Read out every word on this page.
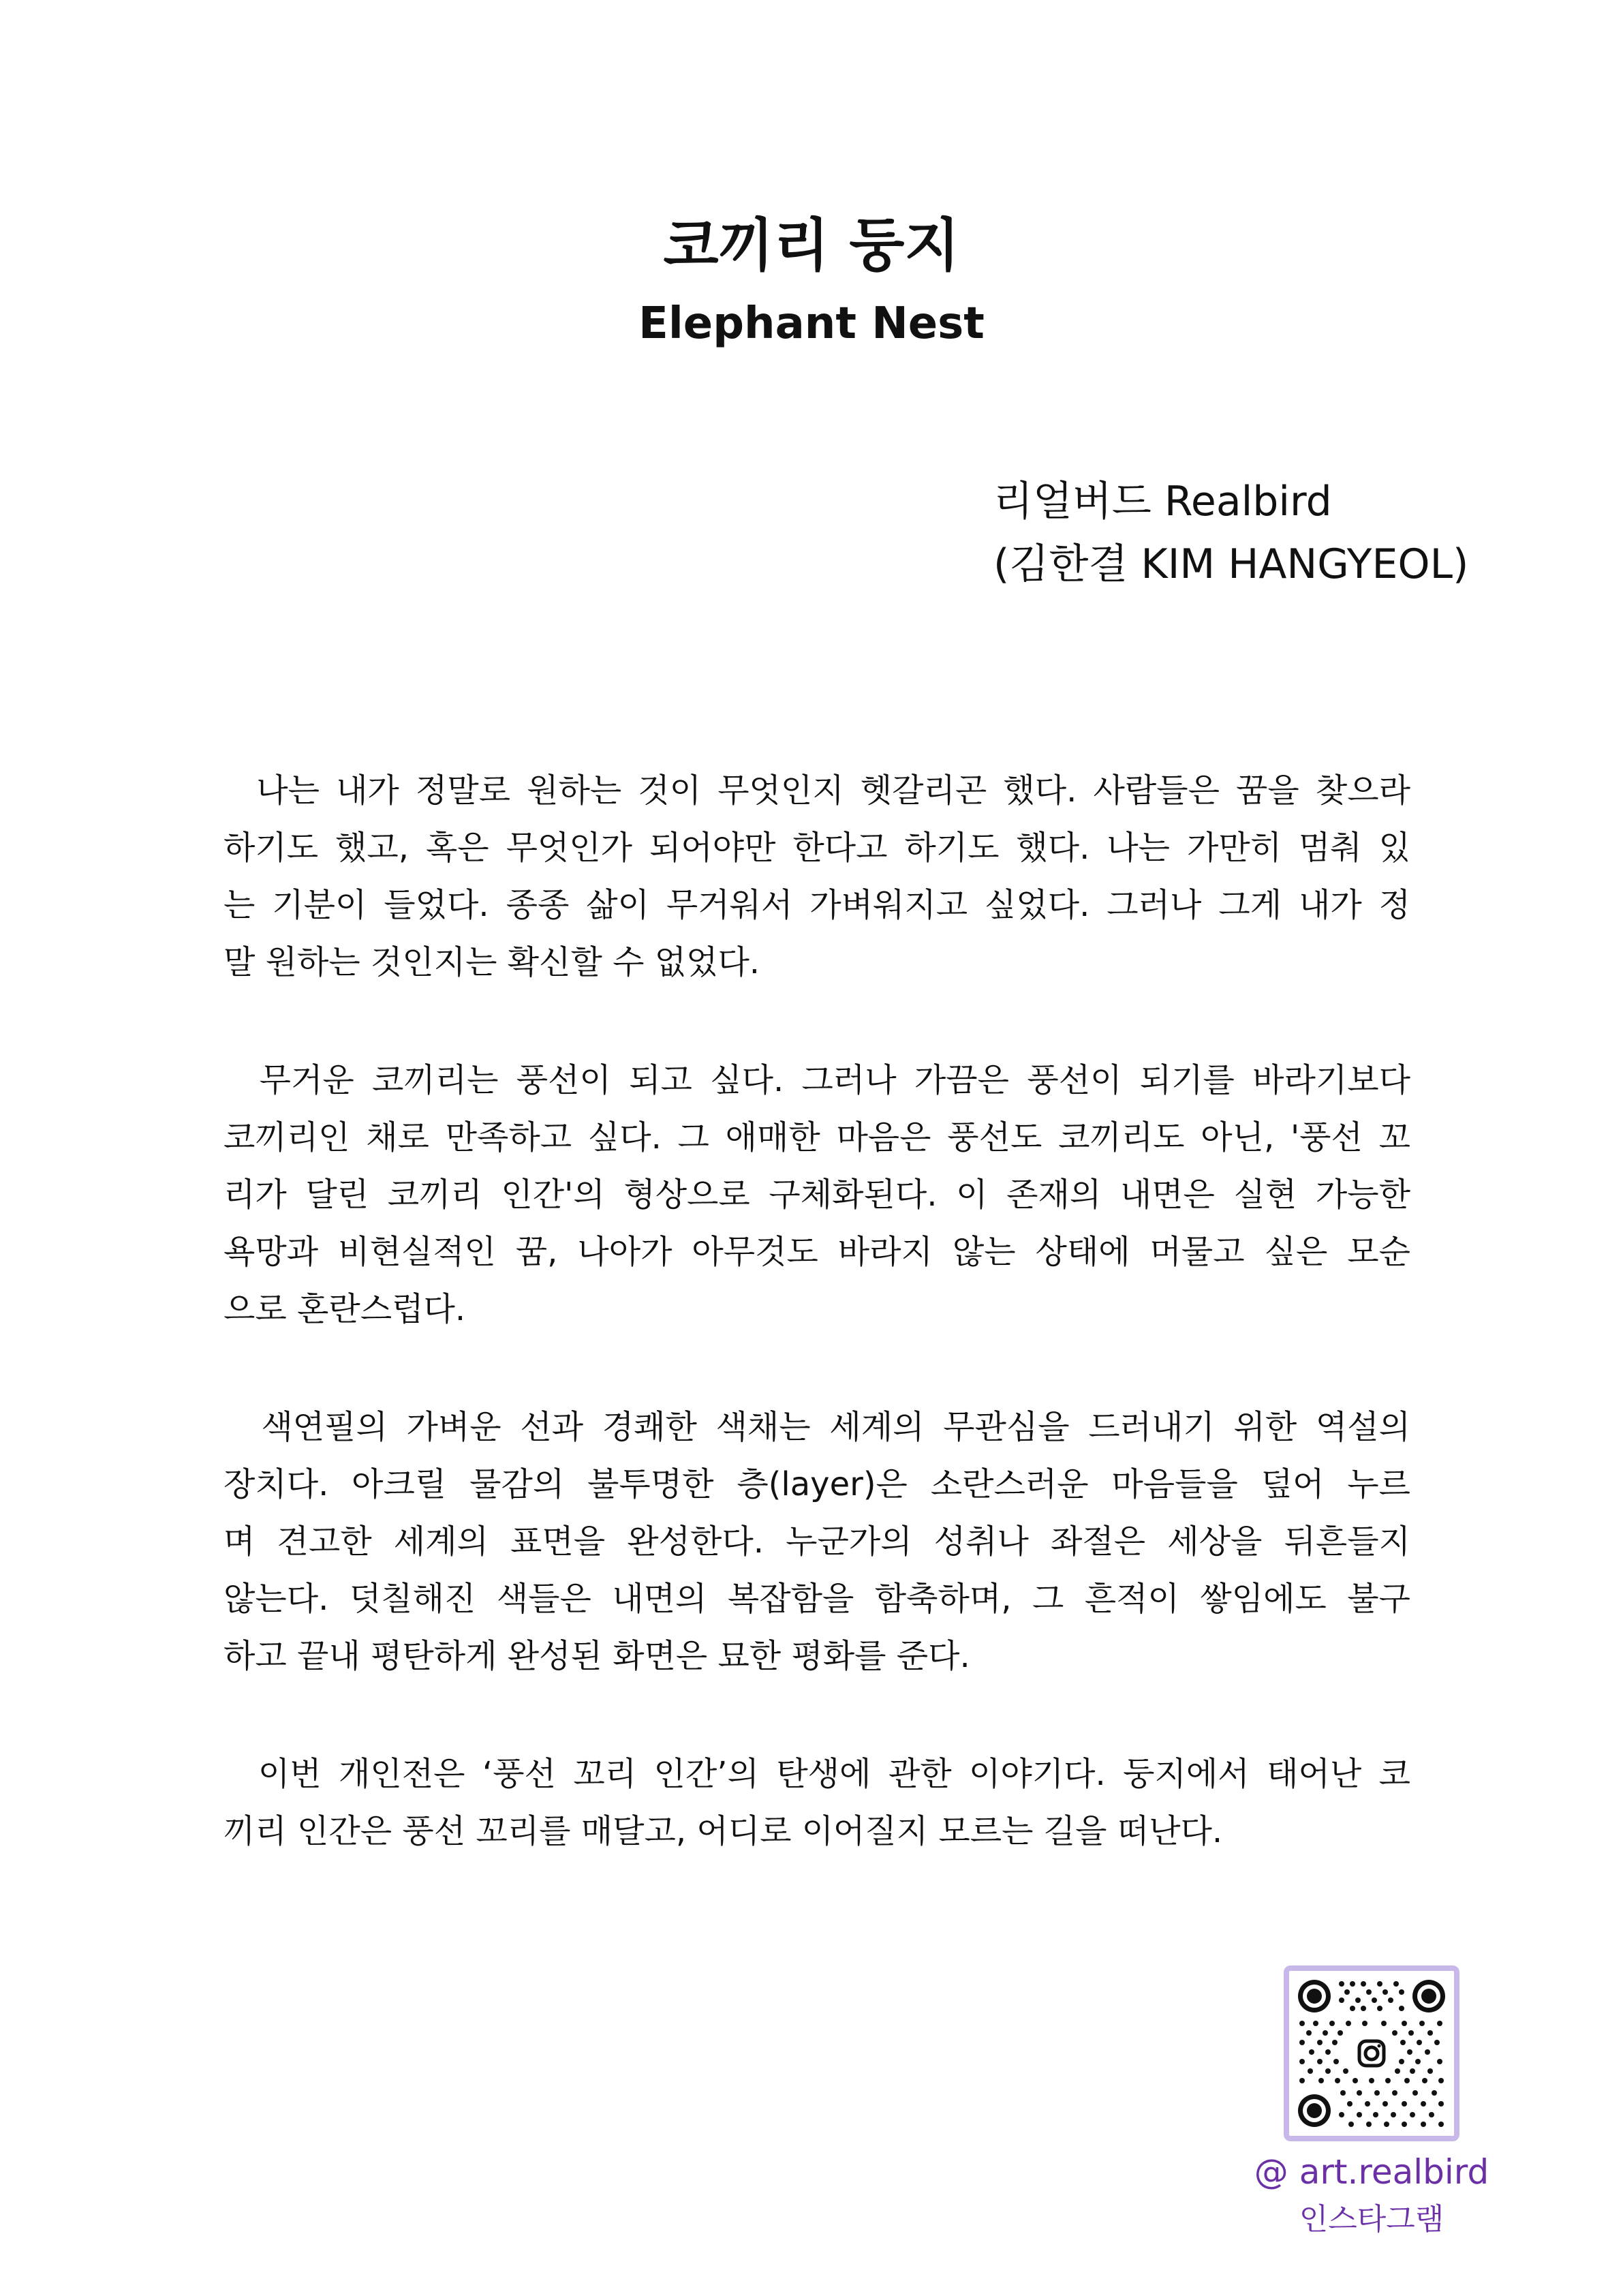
코끼리 둥지
Elephant Nest
리얼버드 Realbird
(김한결 KIM HANGYEOL)

나는 내가 정말로 원하는 것이 무엇인지 헷갈리곤 했다. 사람들은 꿈을 찾으라
하기도 했고, 혹은 무엇인가 되어야만 한다고 하기도 했다. 나는 가만히 멈춰 있
는 기분이 들었다. 종종 삶이 무거워서 가벼워지고 싶었다. 그러나 그게 내가 정
말 원하는 것인지는 확신할 수 없었다.

무거운 코끼리는 풍선이 되고 싶다. 그러나 가끔은 풍선이 되기를 바라기보다
코끼리인 채로 만족하고 싶다. 그 애매한 마음은 풍선도 코끼리도 아닌, '풍선 꼬
리가 달린 코끼리 인간'의 형상으로 구체화된다. 이 존재의 내면은 실현 가능한
욕망과 비현실적인 꿈, 나아가 아무것도 바라지 않는 상태에 머물고 싶은 모순
으로 혼란스럽다.

색연필의 가벼운 선과 경쾌한 색채는 세계의 무관심을 드러내기 위한 역설의
장치다. 아크릴 물감의 불투명한 층(layer)은 소란스러운 마음들을 덮어 누르
며 견고한 세계의 표면을 완성한다. 누군가의 성취나 좌절은 세상을 뒤흔들지
않는다. 덧칠해진 색들은 내면의 복잡함을 함축하며, 그 흔적이 쌓임에도 불구
하고 끝내 평탄하게 완성된 화면은 묘한 평화를 준다.

이번 개인전은 ‘풍선 꼬리 인간’의 탄생에 관한 이야기다. 둥지에서 태어난 코
끼리 인간은 풍선 꼬리를 매달고, 어디로 이어질지 모르는 길을 떠난다.

@ art.realbird
인스타그램
